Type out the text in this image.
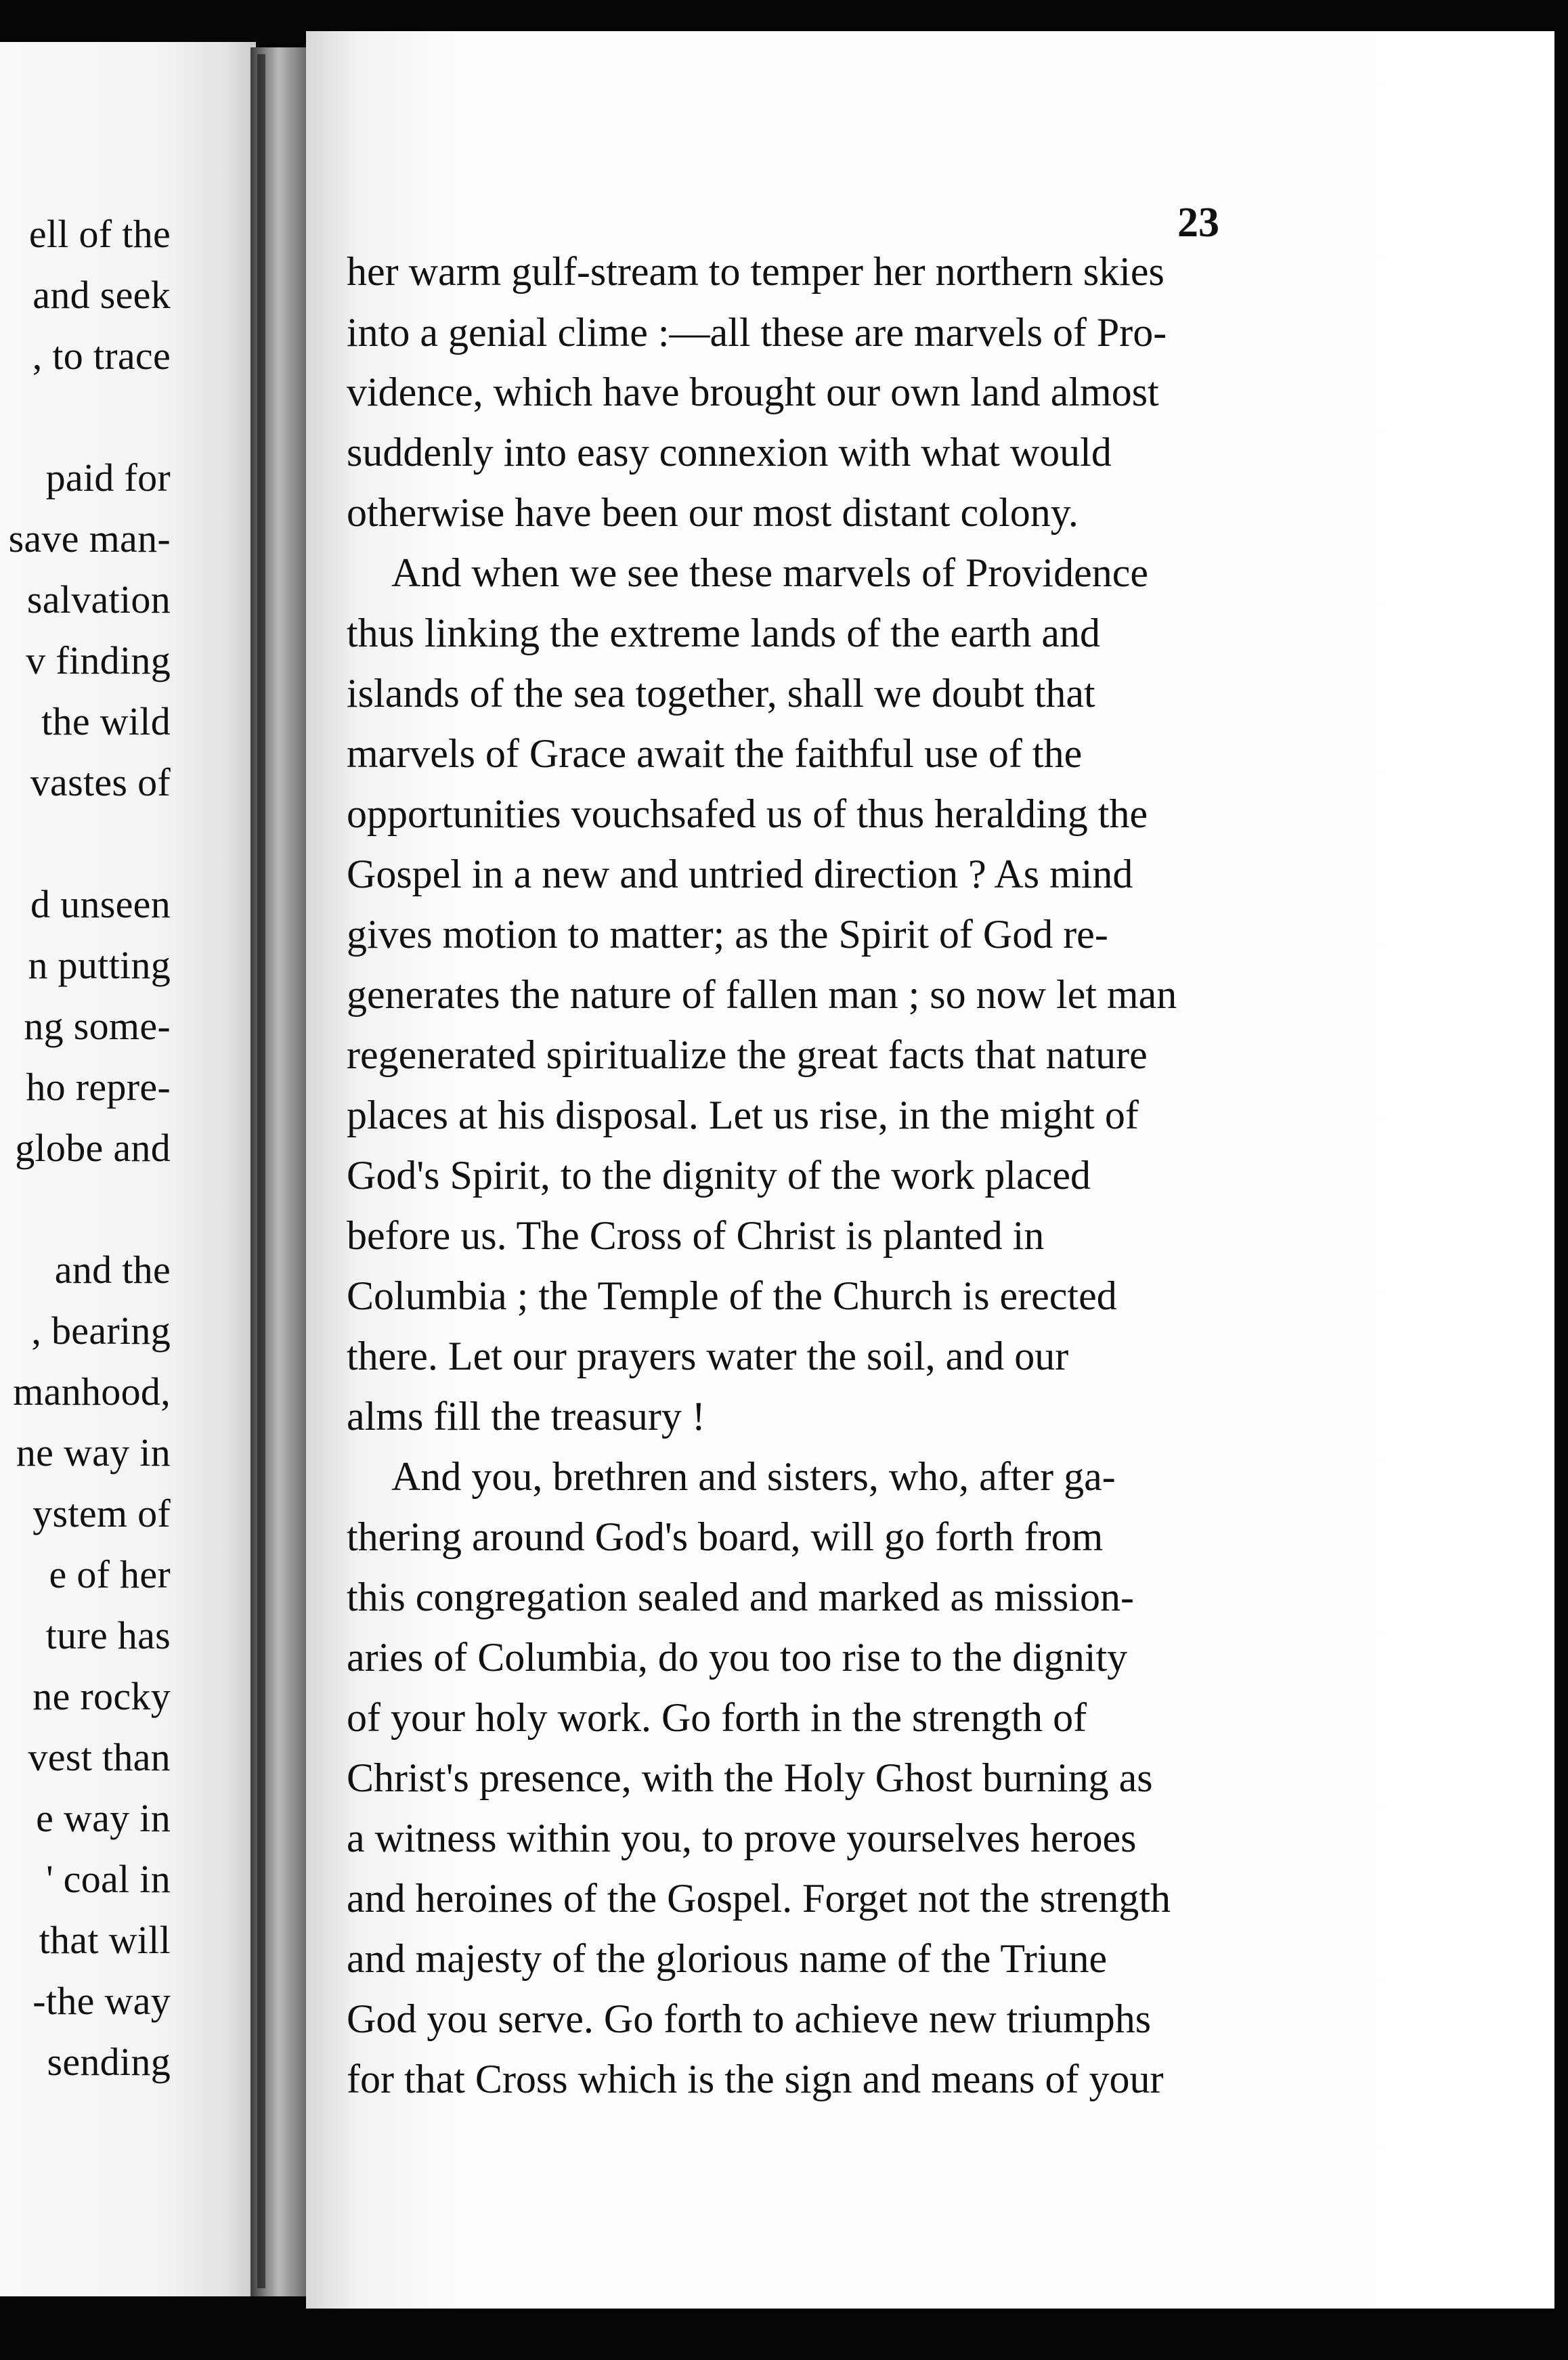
ell of the
and seek
, to trace
paid for
save man-
salvation
v finding
the wild
vastes of
d unseen
n putting
ng some-
ho repre-
globe and
and the
, bearing
manhood,
ne way in
ystem of
e of her
ture has
ne rocky
vest than
e way in
' coal in
that will
-the way
sending
23
her warm gulf-stream to temper her northern skies
into a genial clime :—all these are marvels of Pro-
vidence, which have brought our own land almost
suddenly into easy connexion with what would
otherwise have been our most distant colony.
And when we see these marvels of Providence
thus linking the extreme lands of the earth and
islands of the sea together, shall we doubt that
marvels of Grace await the faithful use of the
opportunities vouchsafed us of thus heralding the
Gospel in a new and untried direction ? As mind
gives motion to matter; as the Spirit of God re-
generates the nature of fallen man ; so now let man
regenerated spiritualize the great facts that nature
places at his disposal. Let us rise, in the might of
God's Spirit, to the dignity of the work placed
before us. The Cross of Christ is planted in
Columbia ; the Temple of the Church is erected
there. Let our prayers water the soil, and our
alms fill the treasury !
And you, brethren and sisters, who, after ga-
thering around God's board, will go forth from
this congregation sealed and marked as mission-
aries of Columbia, do you too rise to the dignity
of your holy work. Go forth in the strength of
Christ's presence, with the Holy Ghost burning as
a witness within you, to prove yourselves heroes
and heroines of the Gospel. Forget not the strength
and majesty of the glorious name of the Triune
God you serve. Go forth to achieve new triumphs
for that Cross which is the sign and means of your
